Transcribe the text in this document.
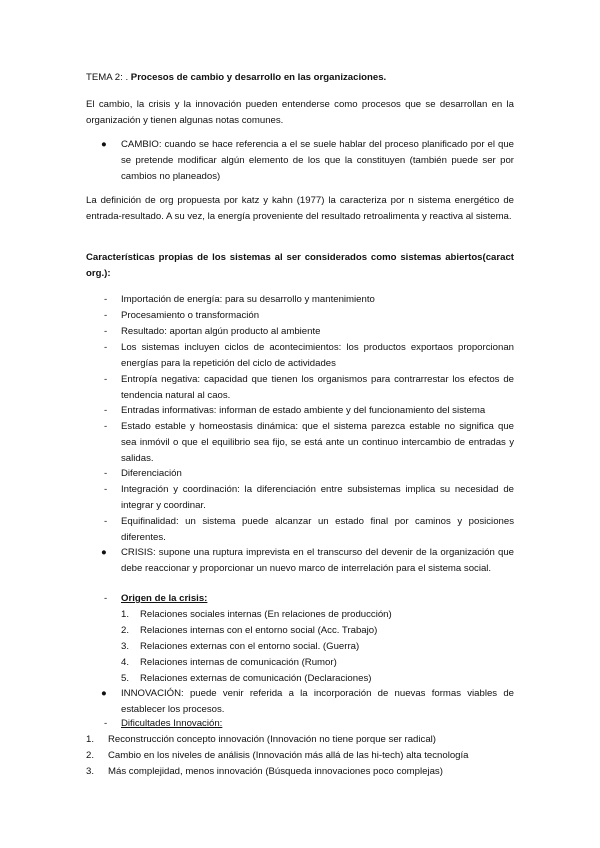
TEMA 2: . Procesos de cambio y desarrollo en las organizaciones.
El cambio, la crisis y la innovación pueden entenderse como procesos que se desarrollan en la organización y tienen algunas notas comunes.
● CAMBIO: cuando se hace referencia a el se suele hablar del proceso planificado por el que se pretende modificar algún elemento de los que la constituyen (también puede ser por cambios no planeados)
La definición de org propuesta por katz y kahn (1977) la caracteriza por n sistema energético de entrada-resultado. A su vez, la energía proveniente del resultado retroalimenta y reactiva al sistema.
Características propias de los sistemas al ser considerados como sistemas abiertos(caract org.):
- Importación de energía: para su desarrollo y mantenimiento
- Procesamiento o transformación
- Resultado: aportan algún producto al ambiente
- Los sistemas incluyen ciclos de acontecimientos: los productos exportaos proporcionan energías para la repetición del ciclo de actividades
- Entropía negativa: capacidad que tienen los organismos para contrarrestar los efectos de tendencia natural al caos.
- Entradas informativas: informan de estado ambiente y del funcionamiento del sistema
- Estado estable y homeostasis dinámica: que el sistema parezca estable no significa que sea inmóvil o que el equilibrio sea fijo, se está ante un continuo intercambio de entradas y salidas.
- Diferenciación
- Integración y coordinación: la diferenciación entre subsistemas implica su necesidad de integrar y coordinar.
- Equifinalidad: un sistema puede alcanzar un estado final por caminos y posiciones diferentes.
● CRISIS: supone una ruptura imprevista en el transcurso del devenir de la organización que debe reaccionar y proporcionar un nuevo marco de interrelación para el sistema social.
- Origen de la crisis:
1. Relaciones sociales internas (En relaciones de producción)
2. Relaciones internas con el entorno social (Acc. Trabajo)
3. Relaciones externas con el entorno social. (Guerra)
4. Relaciones internas de comunicación (Rumor)
5. Relaciones externas de comunicación (Declaraciones)
● INNOVACIÓN: puede venir referida a la incorporación de nuevas formas viables de establecer los procesos.
- Dificultades Innovación:
1. Reconstrucción concepto innovación (Innovación no tiene porque ser radical)
2. Cambio en los niveles de análisis (Innovación más allá de las hi-tech) alta tecnología
3. Más complejidad, menos innovación (Búsqueda innovaciones poco complejas)
